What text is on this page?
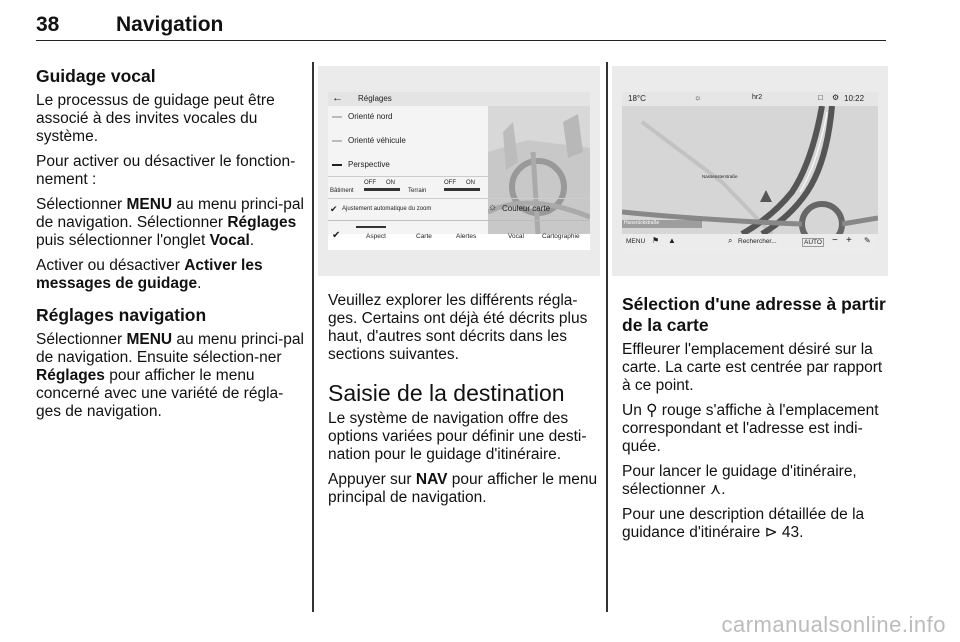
38	Navigation
Guidage vocal

Le processus de guidage peut être associé à des invites vocales du système.

Pour activer ou désactiver le fonction-nement :

Sélectionner MENU au menu princi-pal de navigation. Sélectionner Réglages puis sélectionner l'onglet Vocal.

Activer ou désactiver Activer les messages de guidage.

Réglages navigation

Sélectionner MENU au menu princi-pal de navigation. Ensuite sélection-ner Réglages pour afficher le menu concerné avec une variété de régla-ges de navigation.

← Réglages
Orienté nord
Orienté véhicule
Perspective
Bâtiment
OFF ON
Terrain
OFF ON
✔ Ajustement automatique du zoom	☼ Couleur carte
✔	Aspect	Carte	Alertes	Vocal	Cartographie

Veuillez explorer les différents régla-ges. Certains ont déjà été décrits plus haut, d'autres sont décrits dans les sections suivantes.

Saisie de la destination

Le système de navigation offre des options variées pour définir une desti-nation pour le guidage d'itinéraire.

Appuyer sur NAV pour afficher le menu principal de navigation.

18°C	☼	hr2	□ ⚙ 10:22
Hunsrückstraße
Nassensterstraße
MENU ⚑ ▲	⌕ Rechercher...	AUTO − + ✎
Sélection d'une adresse à partir de la carte

Effleurer l'emplacement désiré sur la carte. La carte est centrée par rapport à ce point.

Un ⚲ rouge s'affiche à l'emplacement correspondant et l'adresse est indi-quée.

Pour lancer le guidage d'itinéraire, sélectionner ⋏.

Pour une description détaillée de la guidance d'itinéraire ⊳ 43.

carmanualsonline.info
